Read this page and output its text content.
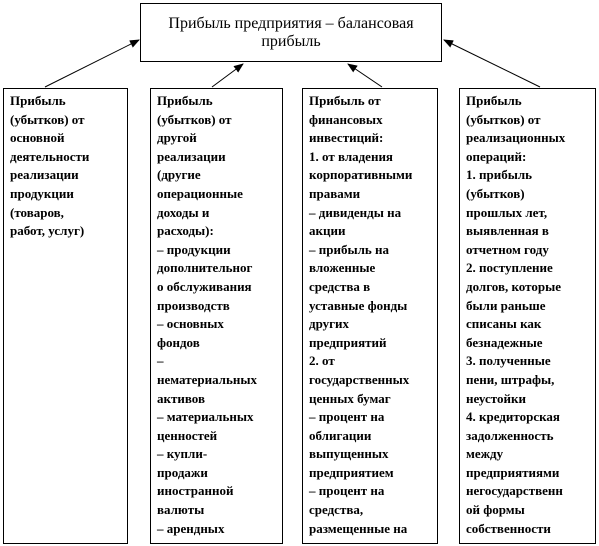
Прибыль предприятия – балансовая
прибыль
Прибыль
(убытков) от
основной
деятельности
реализации
продукции
(товаров,
работ, услуг)
Прибыль
(убытков) от
другой
реализации
(другие
операционные
доходы и
расходы):
– продукции
дополнительног
о обслуживания
производств
– основных
фондов
–
нематериальных
активов
– материальных
ценностей
– купли-
продажи
иностранной
валюты
– арендных
Прибыль от
финансовых
инвестиций:
1. от владения
корпоративными
правами
– дивиденды на
акции
– прибыль на
вложенные
средства в
уставные фонды
других
предприятий
2. от
государственных
ценных бумаг
– процент на
облигации
выпущенных
предприятием
– процент на
средства,
размещенные на
Прибыль
(убытков) от
реализационных
операций:
1. прибыль
(убытков)
прошлых лет,
выявленная в
отчетном году
2. поступление
долгов, которые
были раньше
списаны как
безнадежные
3. полученные
пени, штрафы,
неустойки
4. кредиторская
задолженность
между
предприятиями
негосударственн
ой формы
собственности
